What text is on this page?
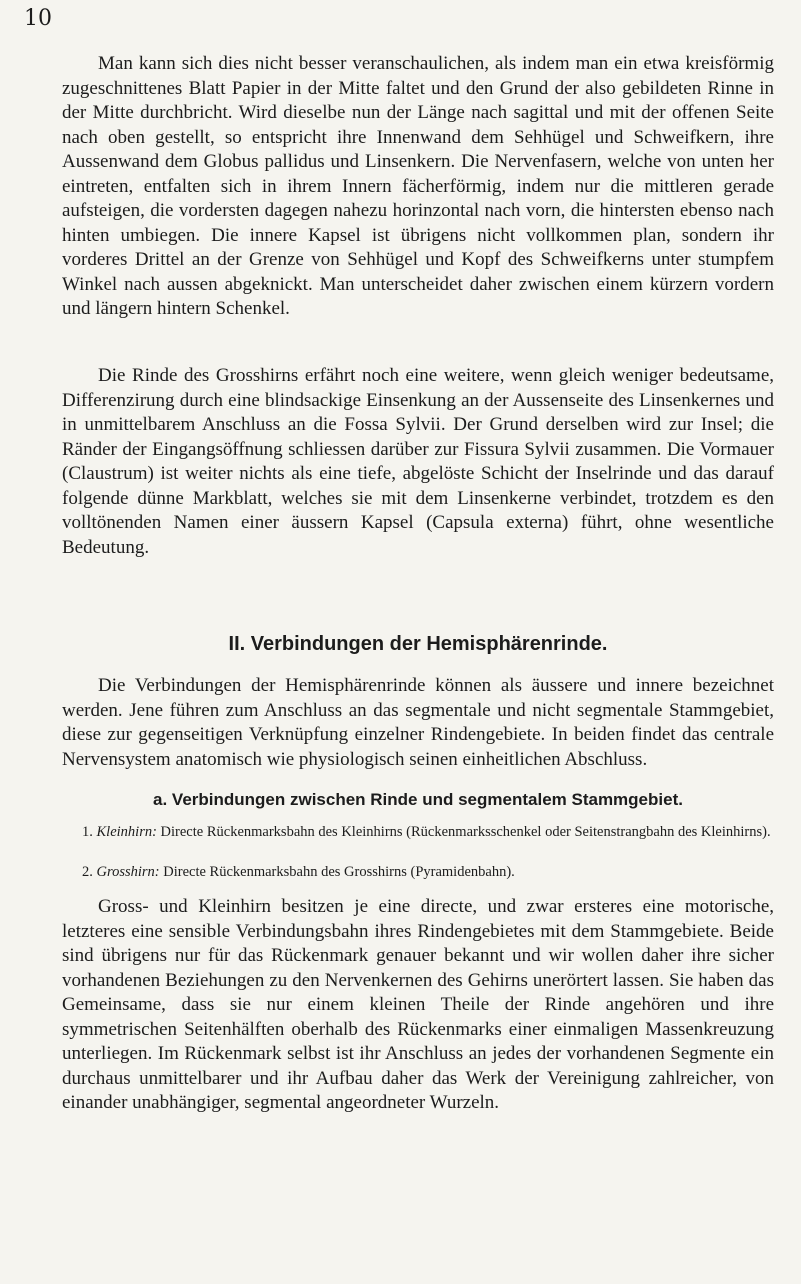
10

Man kann sich dies nicht besser veranschaulichen, als indem man ein etwa kreisförmig zugeschnittenes Blatt Papier in der Mitte faltet und den Grund der also gebildeten Rinne in der Mitte durchbricht. Wird dieselbe nun der Länge nach sagittal und mit der offenen Seite nach oben gestellt, so entspricht ihre Innenwand dem Sehhügel und Schweifkern, ihre Aussenwand dem Globus pallidus und Linsenkern. Die Nervenfasern, welche von unten her eintreten, entfalten sich in ihrem Innern fächerförmig, indem nur die mittleren gerade aufsteigen, die vordersten dagegen nahezu horinzontal nach vorn, die hintersten ebenso nach hinten umbiegen. Die innere Kapsel ist übrigens nicht vollkommen plan, sondern ihr vorderes Drittel an der Grenze von Sehhügel und Kopf des Schweifkerns unter stumpfem Winkel nach aussen abgeknickt. Man unterscheidet daher zwischen einem kürzern vordern und längern hintern Schenkel.

Die Rinde des Grosshirns erfährt noch eine weitere, wenn gleich weniger bedeutsame, Differenzirung durch eine blindsackige Einsenkung an der Aussenseite des Linsenkernes und in unmittelbarem Anschluss an die Fossa Sylvii. Der Grund derselben wird zur Insel; die Ränder der Eingangsöffnung schliessen darüber zur Fissura Sylvii zusammen. Die Vormauer (Claustrum) ist weiter nichts als eine tiefe, abgelöste Schicht der Inselrinde und das darauf folgende dünne Markblatt, welches sie mit dem Linsenkerne verbindet, trotzdem es den volltönenden Namen einer äussern Kapsel (Capsula externa) führt, ohne wesentliche Bedeutung.

II. Verbindungen der Hemisphärenrinde.

Die Verbindungen der Hemisphärenrinde können als äussere und innere bezeichnet werden. Jene führen zum Anschluss an das segmentale und nicht segmentale Stammgebiet, diese zur gegenseitigen Verknüpfung einzelner Rindengebiete. In beiden findet das centrale Nervensystem anatomisch wie physiologisch seinen einheitlichen Abschluss.

a. Verbindungen zwischen Rinde und segmentalem Stammgebiet.

1. Kleinhirn: Directe Rückenmarksbahn des Kleinhirns (Rückenmarksschenkel oder Seitenstrangbahn des Kleinhirns).

2. Grosshirn: Directe Rückenmarksbahn des Grosshirns (Pyramidenbahn).

Gross- und Kleinhirn besitzen je eine directe, und zwar ersteres eine motorische, letzteres eine sensible Verbindungsbahn ihres Rindengebietes mit dem Stammgebiete. Beide sind übrigens nur für das Rückenmark genauer bekannt und wir wollen daher ihre sicher vorhandenen Beziehungen zu den Nervenkernen des Gehirns unerörtert lassen. Sie haben das Gemeinsame, dass sie nur einem kleinen Theile der Rinde angehören und ihre symmetrischen Seitenhälften oberhalb des Rückenmarks einer einmaligen Massenkreuzung unterliegen. Im Rückenmark selbst ist ihr Anschluss an jedes der vorhandenen Segmente ein durchaus unmittelbarer und ihr Aufbau daher das Werk der Vereinigung zahlreicher, von einander unabhängiger, segmental angeordneter Wurzeln.
